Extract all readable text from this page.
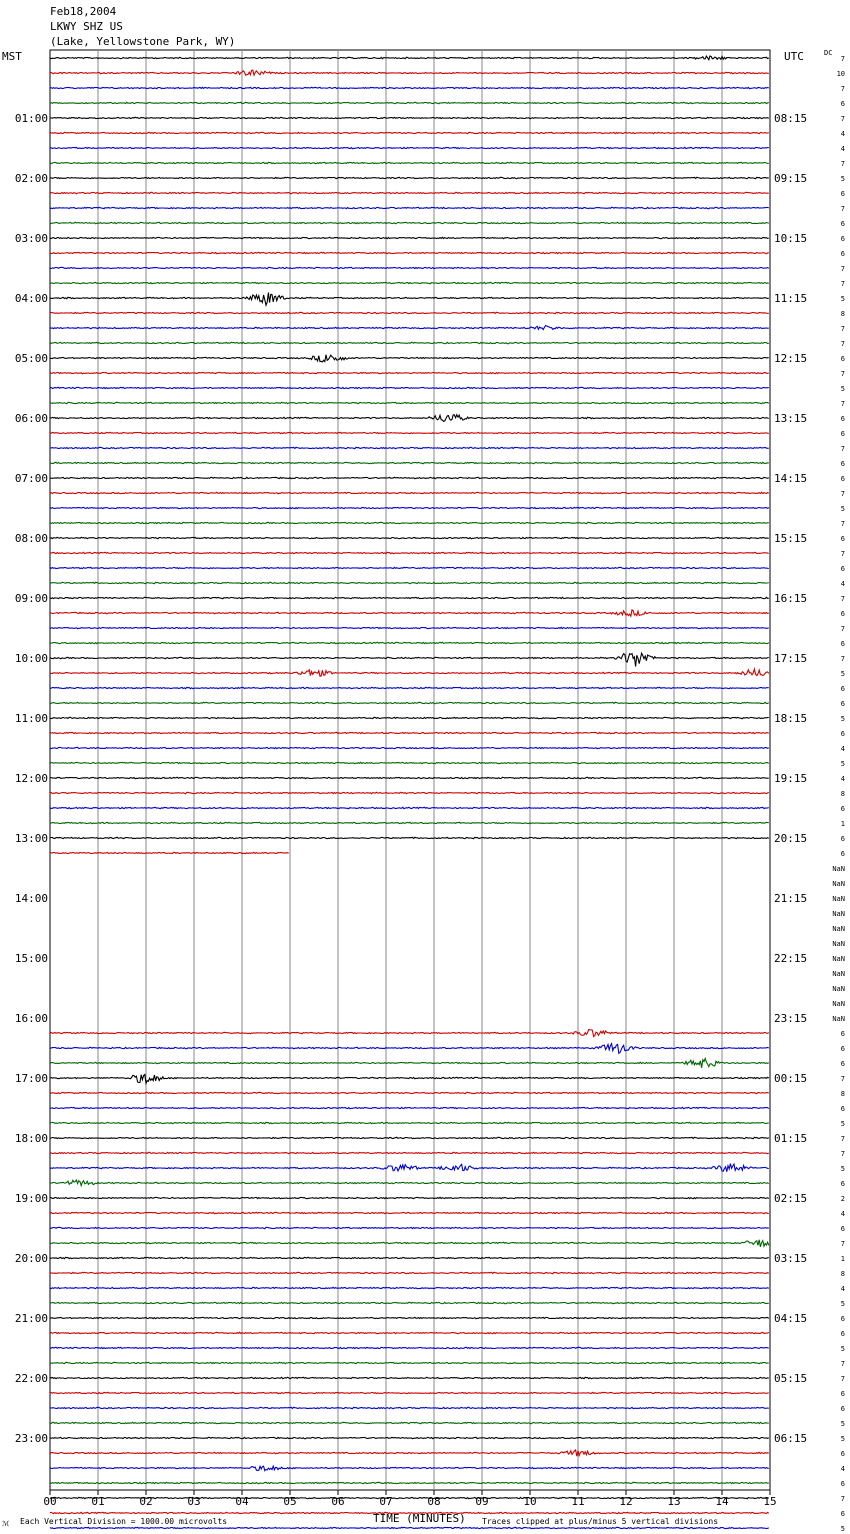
Feb18,2004
LKWY SHZ US
(Lake, Yellowstone Park, WY)
MST	UTC	DC
01:00
02:00
03:00
04:00
05:00
06:00
07:00
08:00
09:00
10:00
11:00
12:00
13:00
14:00
15:00
16:00
17:00
18:00
19:00
20:00
21:00
22:00
23:00
08:15
09:15
10:15
11:15
12:15
13:15
14:15
15:15
16:15
17:15
18:15
19:15
20:15
21:15
22:15
23:15
00:15
01:15
02:15
03:15
04:15
05:15
06:15
7
10
7
6
7
4
4
7
5
6
7
6
6
6
7
7
5
8
7
7
6
7
5
7
6
6
7
6
6
7
5
7
6
7
6
4
7
6
7
6
7
5
6
6
5
6
4
5
4
8
6
1
6
6
NaN
NaN
NaN
NaN
NaN
NaN
NaN
NaN
NaN
NaN
NaN
6
6
6
7
8
6
5
7
7
5
6
2
4
6
7
1
8
4
5
6
6
5
7
7
6
6
5
5
6
4
6
7
6
5
00	01	02	03	04	05	06	07	08	09	10	11	12	13	14	15
ℳ Each Vertical Division = 1000.00 microvolts	TIME (MINUTES) Traces clipped at plus/minus 5 vertical divisions
